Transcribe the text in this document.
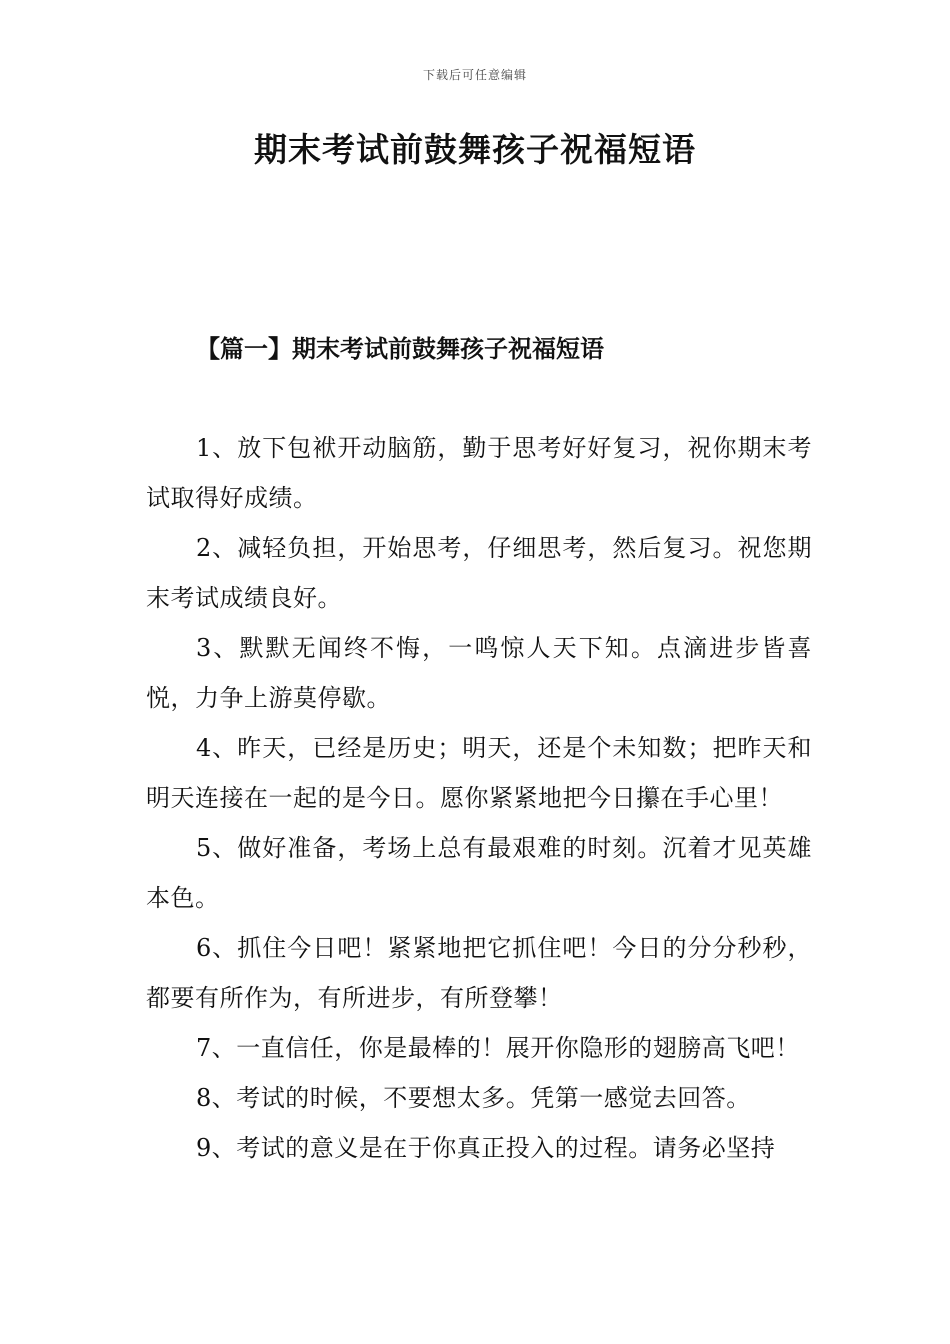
下载后可任意编辑
期末考试前鼓舞孩子祝福短语
【篇一】期末考试前鼓舞孩子祝福短语

1、放下包袱开动脑筋，勤于思考好好复习，祝你期末考试取得好成绩。

2、减轻负担，开始思考，仔细思考，然后复习。祝您期末考试成绩良好。

3、默默无闻终不悔，一鸣惊人天下知。点滴进步皆喜悦，力争上游莫停歇。

4、昨天，已经是历史；明天，还是个未知数；把昨天和明天连接在一起的是今日。愿你紧紧地把今日攥在手心里！

5、做好准备，考场上总有最艰难的时刻。沉着才见英雄本色。

6、抓住今日吧！紧紧地把它抓住吧！今日的分分秒秒，都要有所作为，有所进步，有所登攀！

7、一直信任，你是最棒的！展开你隐形的翅膀高飞吧！

8、考试的时候，不要想太多。凭第一感觉去回答。

9、考试的意义是在于你真正投入的过程。请务必坚持
